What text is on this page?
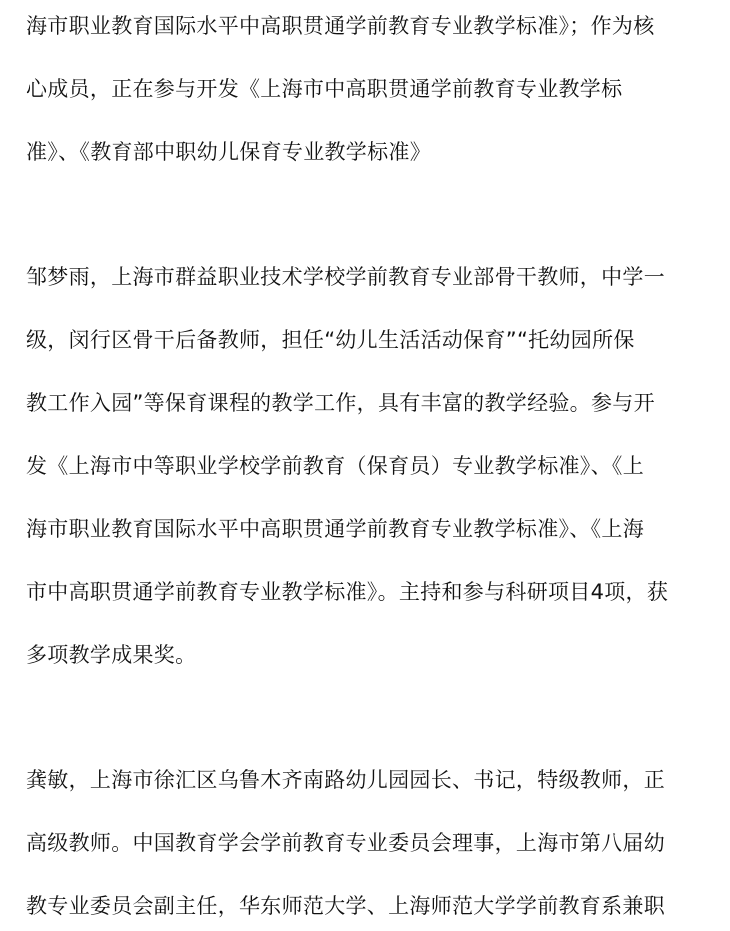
海市职业教育国际水平中高职贯通学前教育专业教学标准》；作为核
心成员，正在参与开发《上海市中高职贯通学前教育专业教学标
准》、《教育部中职幼儿保育专业教学标准》
邹梦雨，上海市群益职业技术学校学前教育专业部骨干教师，中学一
级，闵行区骨干后备教师，担任“幼儿生活活动保育”“托幼园所保
教工作入园”等保育课程的教学工作，具有丰富的教学经验。参与开
发《上海市中等职业学校学前教育（保育员）专业教学标准》、《上
海市职业教育国际水平中高职贯通学前教育专业教学标准》、《上海
市中高职贯通学前教育专业教学标准》。主持和参与科研项目4项，获
多项教学成果奖。
龚敏，上海市徐汇区乌鲁木齐南路幼儿园园长、书记，特级教师，正
高级教师。中国教育学会学前教育专业委员会理事，上海市第八届幼
教专业委员会副主任，华东师范大学、上海师范大学学前教育系兼职
